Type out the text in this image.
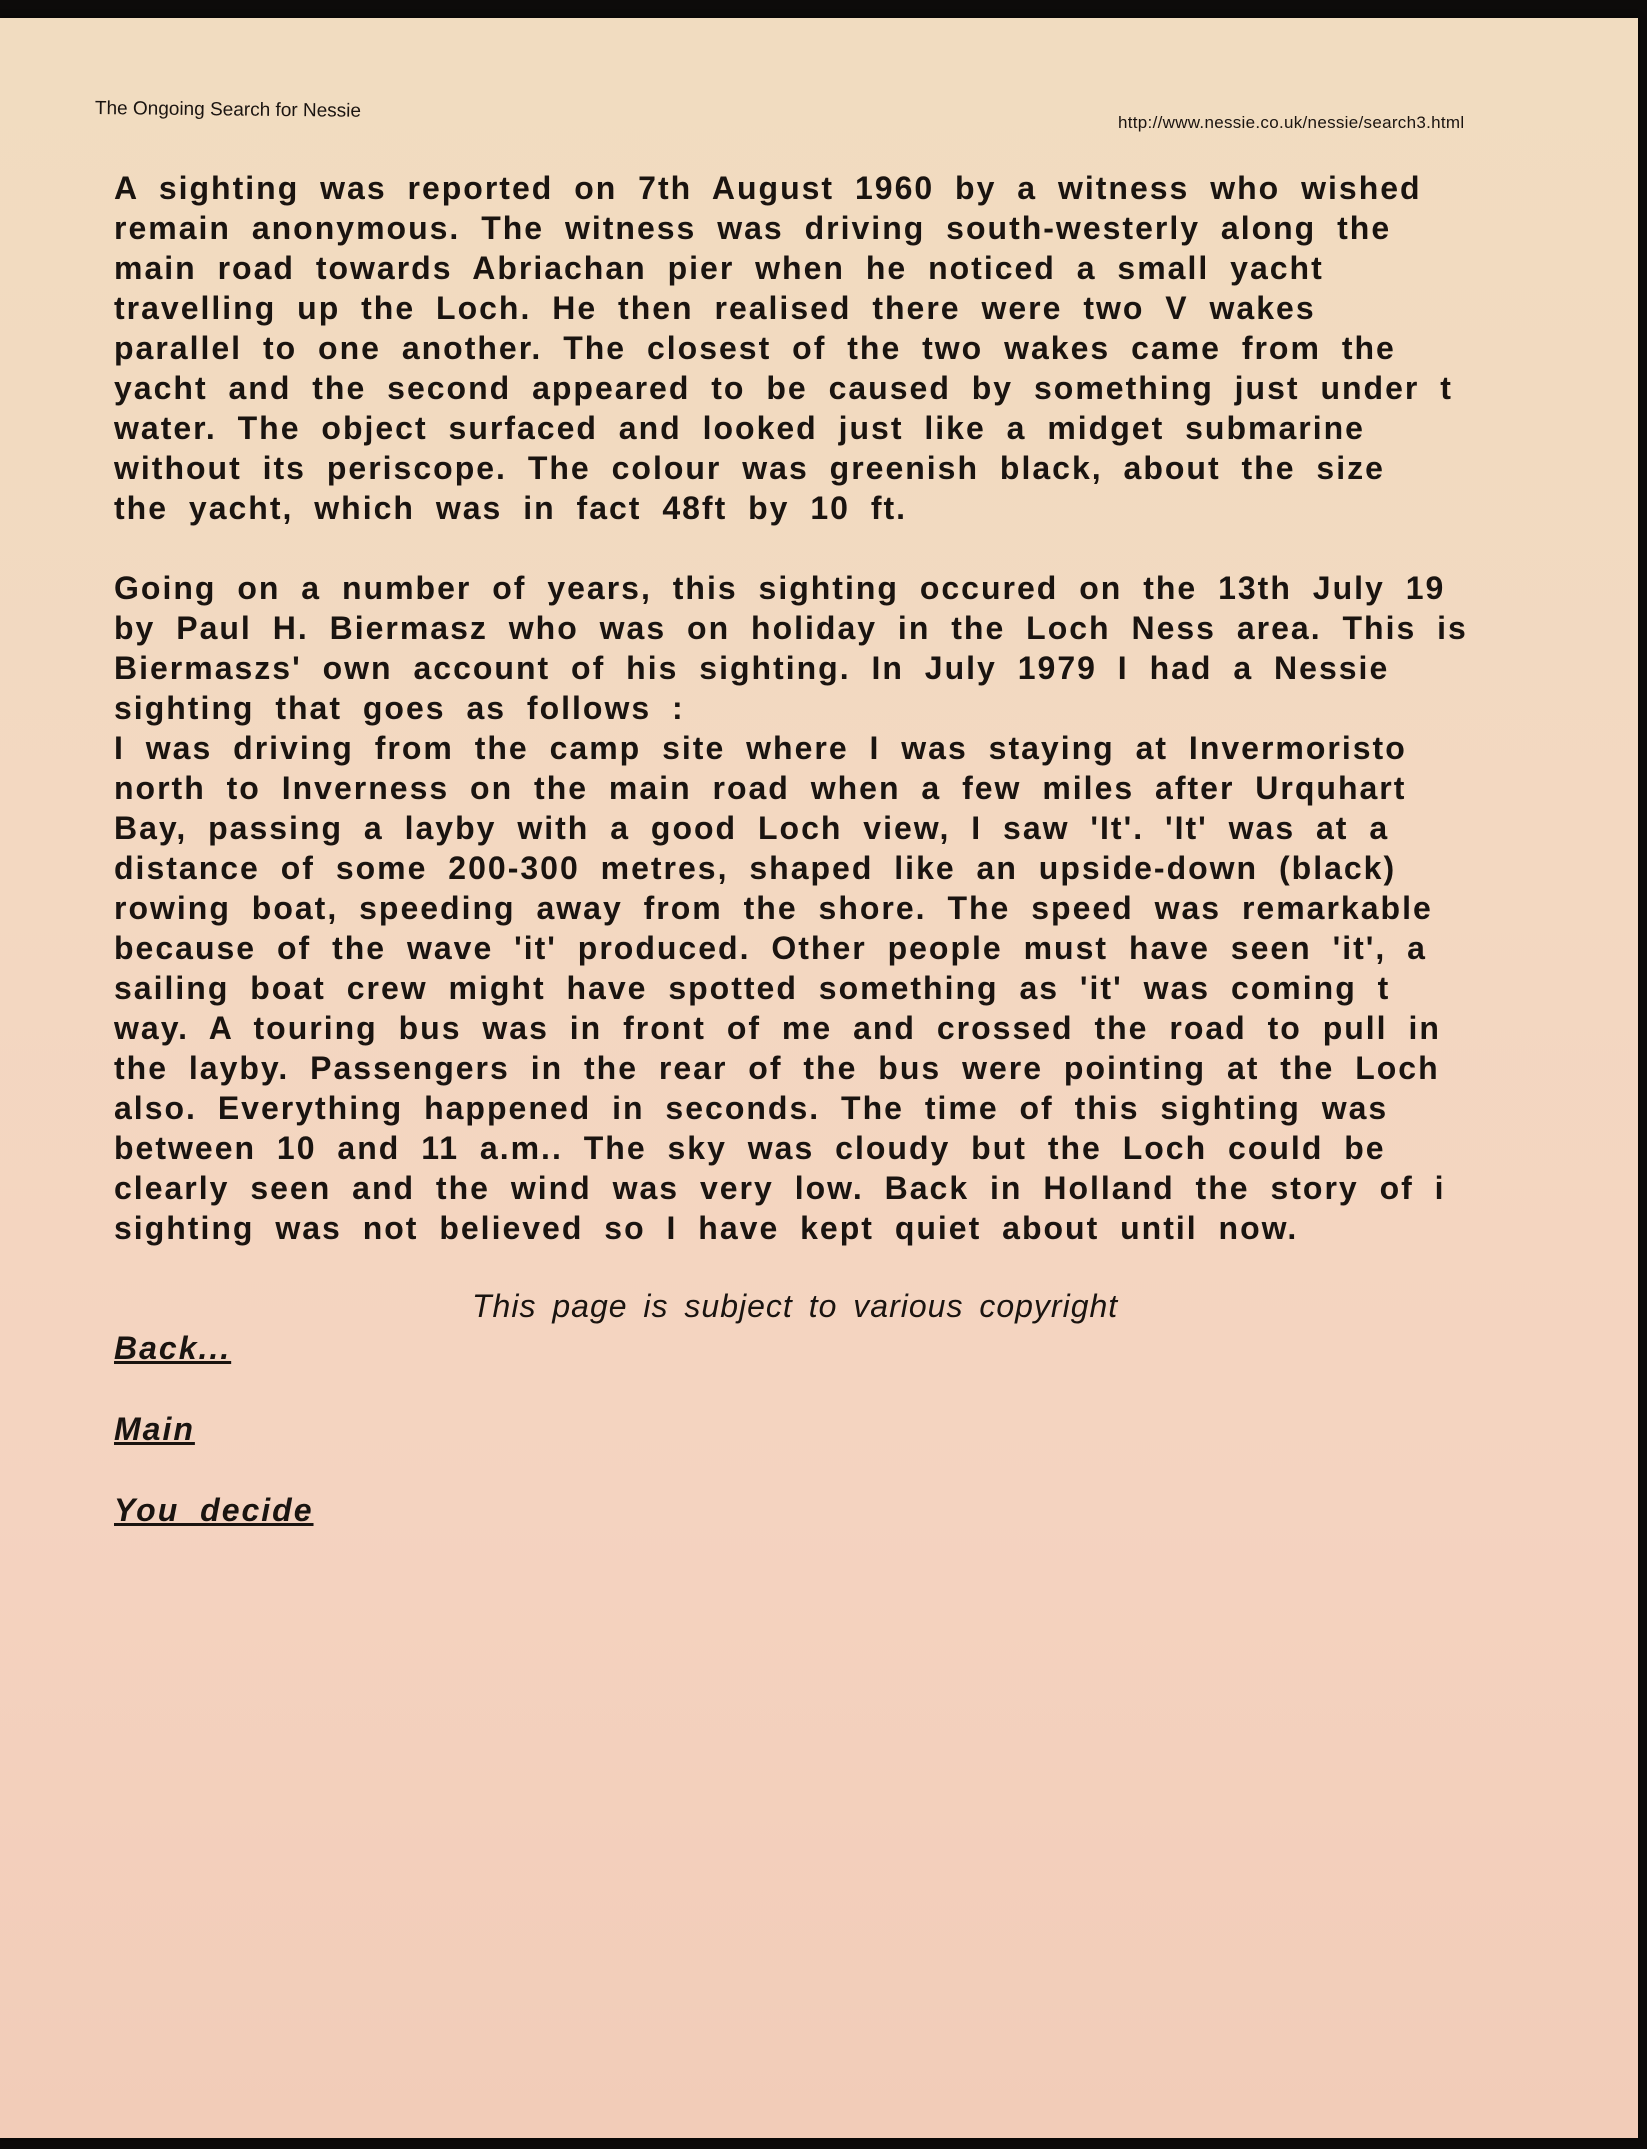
The Ongoing Search for Nessie
http://www.nessie.co.uk/nessie/search3.html
A sighting was reported on 7th August 1960 by a witness who wished
remain anonymous. The witness was driving south-westerly along the
main road towards Abriachan pier when he noticed a small yacht
travelling up the Loch. He then realised there were two V wakes
parallel to one another. The closest of the two wakes came from the
yacht and the second appeared to be caused by something just under t
water. The object surfaced and looked just like a midget submarine
without its periscope. The colour was greenish black, about the size
the yacht, which was in fact 48ft by 10 ft.
Going on a number of years, this sighting occured on the 13th July 19
by Paul H. Biermasz who was on holiday in the Loch Ness area. This is
Biermaszs' own account of his sighting. In July 1979 I had a Nessie
sighting that goes as follows :
I was driving from the camp site where I was staying at Invermoristo
north to Inverness on the main road when a few miles after Urquhart
Bay, passing a layby with a good Loch view, I saw 'It'. 'It' was at a
distance of some 200-300 metres, shaped like an upside-down (black)
rowing boat, speeding away from the shore. The speed was remarkable
because of the wave 'it' produced. Other people must have seen 'it', a
sailing boat crew might have spotted something as 'it' was coming t
way. A touring bus was in front of me and crossed the road to pull in
the layby. Passengers in the rear of the bus were pointing at the Loch
also. Everything happened in seconds. The time of this sighting was
between 10 and 11 a.m.. The sky was cloudy but the Loch could be
clearly seen and the wind was very low. Back in Holland the story of i
sighting was not believed so I have kept quiet about until now.
This page is subject to various copyright
Back...
Main
You decide
